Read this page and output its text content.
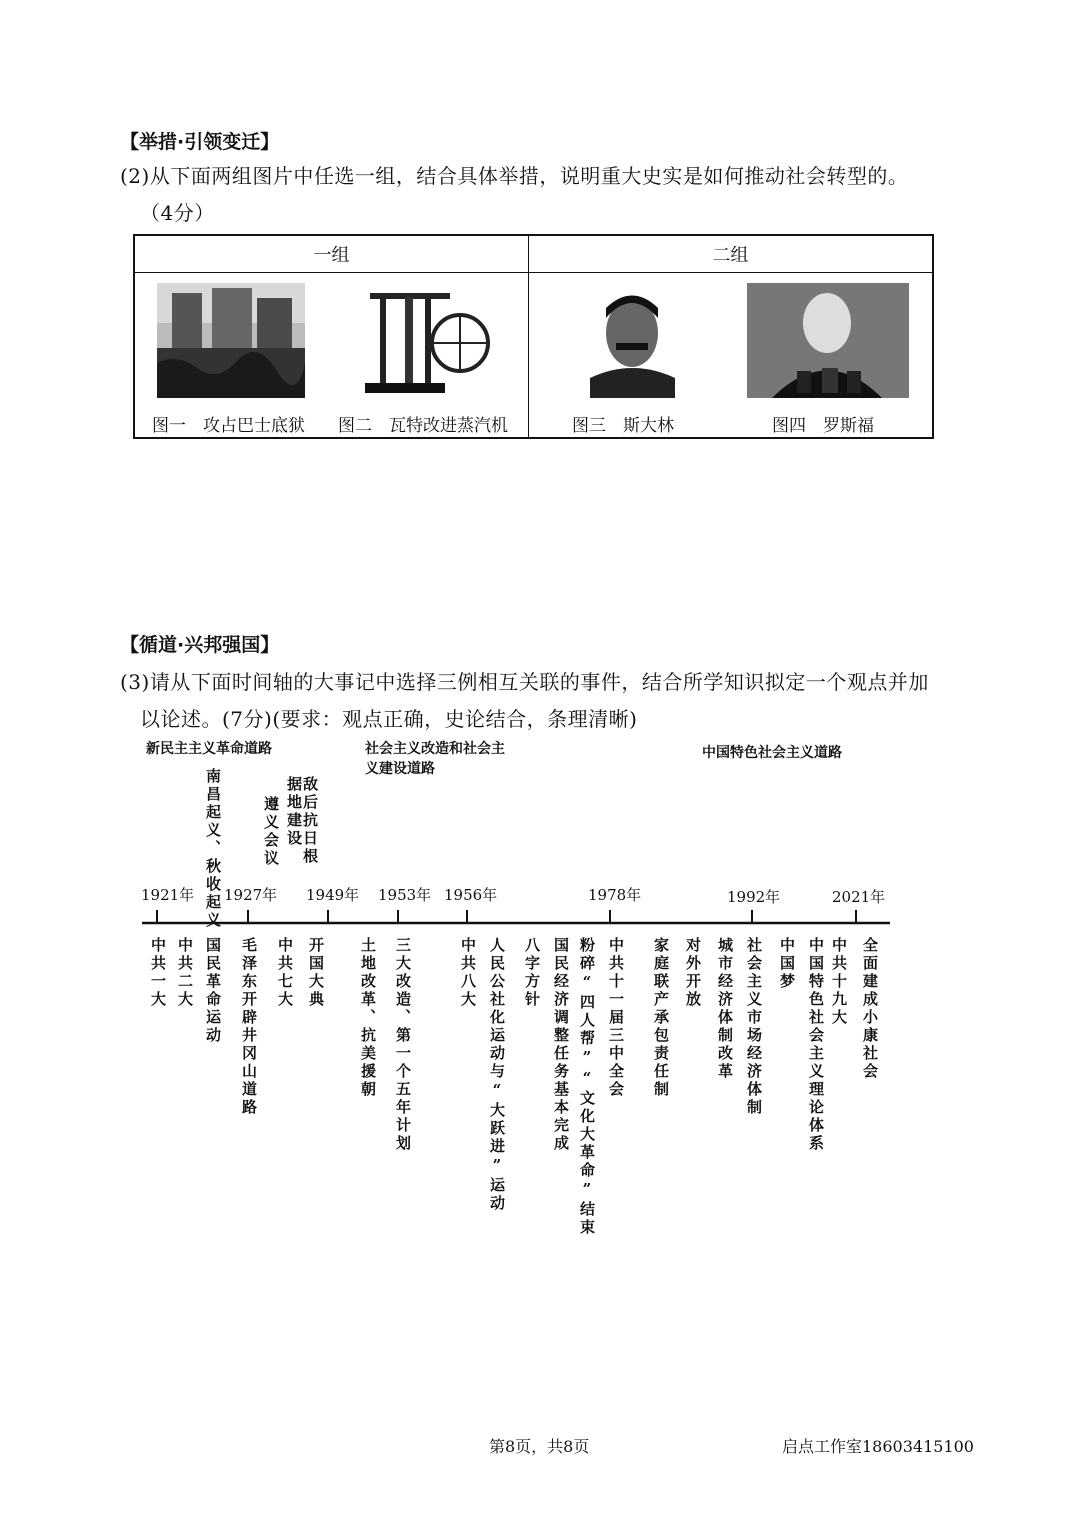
【举措·引领变迁】
(2)从下面两组图片中任选一组，结合具体举措，说明重大史实是如何推动社会转型的。
（4分）
一组	二组

图一　攻占巴士底狱 图二　瓦特改进蒸汽机	图三　斯大林	图四　罗斯福
【循道·兴邦强国】
(3)请从下面时间轴的大事记中选择三例相互关联的事件，结合所学知识拟定一个观点并加
以论述。(7分)(要求：观点正确，史论结合，条理清晰)
新民主主义革命道路	社会主义改造和社会主
义建设道路
中国特色社会主义道路
南昌起义、秋收起义	遵义会议	敌后抗日根据地建设
1921年 1927年 1949年 1953年 1956年	1978年	1992年	2021年
中共一大 中共二大 国民革命运动 毛泽东开辟井冈山道路 中共七大 开国大典 土地改革、抗美援朝 三大改造、第一个五年计划	中共八大 人民公社化运动与“大跃进”运动 八字方针 国民经济调整任务基本完成 粉碎“四人帮”“文化大革命”结束 中共十一届三中全会 家庭联产承包责任制 对外开放 城市经济体制改革 社会主义市场经济体制 中国梦 中国特色社会主义理论体系 中共十九大 全面建成小康社会
第8页，共8页	启点工作室18603415100
